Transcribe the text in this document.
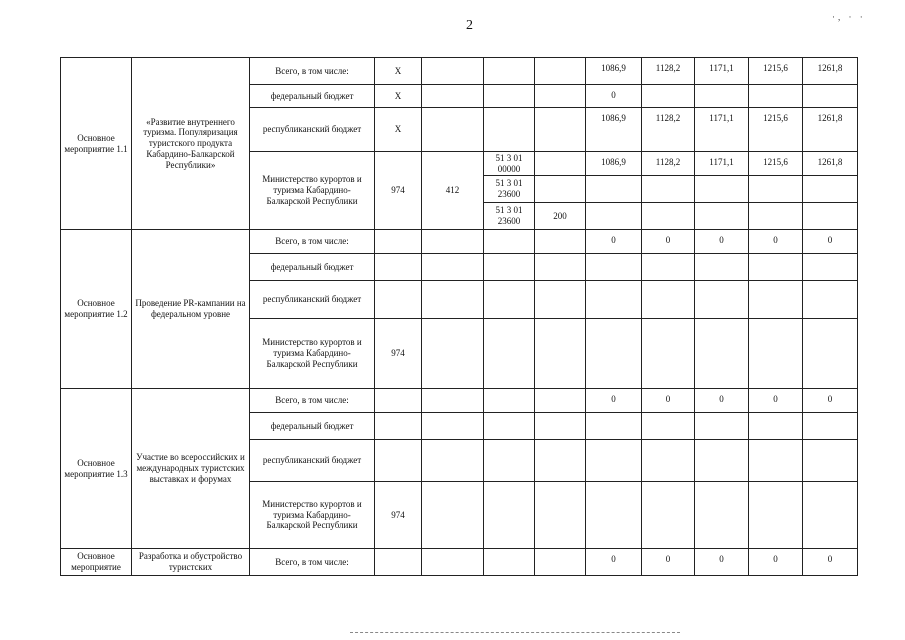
2
·, · ·
Основное мероприятие 1.1	«Развитие внутреннего туризма. Популяризация туристского продукта Кабардино-Балкарской Республики»	Всего, в том числе:	X				1086,9	1128,2	1171,1	1215,6	1261,8
		федеральный бюджет	X				0				
		республиканский бюджет	X				1086,9	1128,2	1171,1	1215,6	1261,8
		Министерство курортов и туризма Кабардино-Балкарской Республики	974	412	51 3 01 00000		1086,9	1128,2	1171,1	1215,6	1261,8
					51 3 01 23600						
					51 3 01 23600	200					
Основное мероприятие 1.2	Проведение PR-кампании на федеральном уровне	Всего, в том числе:					0	0	0	0	0
		федеральный бюджет									
		республиканский бюджет									
		Министерство курортов и туризма Кабардино-Балкарской Республики	974								
Основное мероприятие 1.3	Участие во всероссийских и международных туристских выставках и форумах	Всего, в том числе:					0	0	0	0	0
		федеральный бюджет									
		республиканский бюджет									
		Министерство курортов и туризма Кабардино-Балкарской Республики	974								
Основное мероприятие	Разработка и обустройство туристских	Всего, в том числе:					0	0	0	0	0
